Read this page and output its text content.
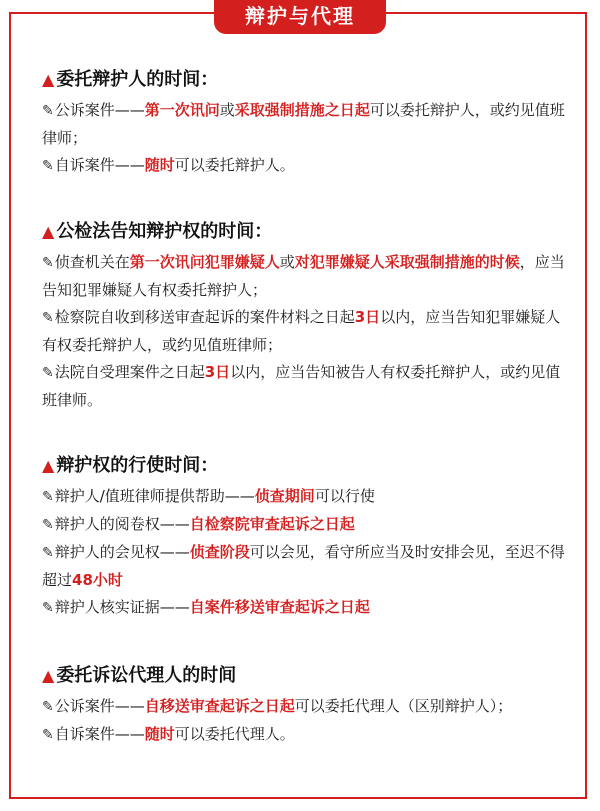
辩护与代理
▲ 委托辩护人的时间：
✎公诉案件——第一次讯问或采取强制措施之日起可以委托辩护人，或约见值班律师；
✎自诉案件——随时可以委托辩护人。
▲ 公检法告知辩护权的时间：
✎侦查机关在第一次讯问犯罪嫌疑人或对犯罪嫌疑人采取强制措施的时候，应当告知犯罪嫌疑人有权委托辩护人；
✎检察院自收到移送审查起诉的案件材料之日起3日以内，应当告知犯罪嫌疑人有权委托辩护人，或约见值班律师；
✎法院自受理案件之日起3日以内，应当告知被告人有权委托辩护人，或约见值班律师。
▲ 辩护权的行使时间：
✎辩护人/值班律师提供帮助——侦查期间可以行使
✎辩护人的阅卷权——自检察院审查起诉之日起
✎辩护人的会见权——侦查阶段可以会见，看守所应当及时安排会见，至迟不得超过48小时
✎辩护人核实证据——自案件移送审查起诉之日起
▲ 委托诉讼代理人的时间
✎公诉案件——自移送审查起诉之日起可以委托代理人（区别辩护人）；
✎自诉案件——随时可以委托代理人。
